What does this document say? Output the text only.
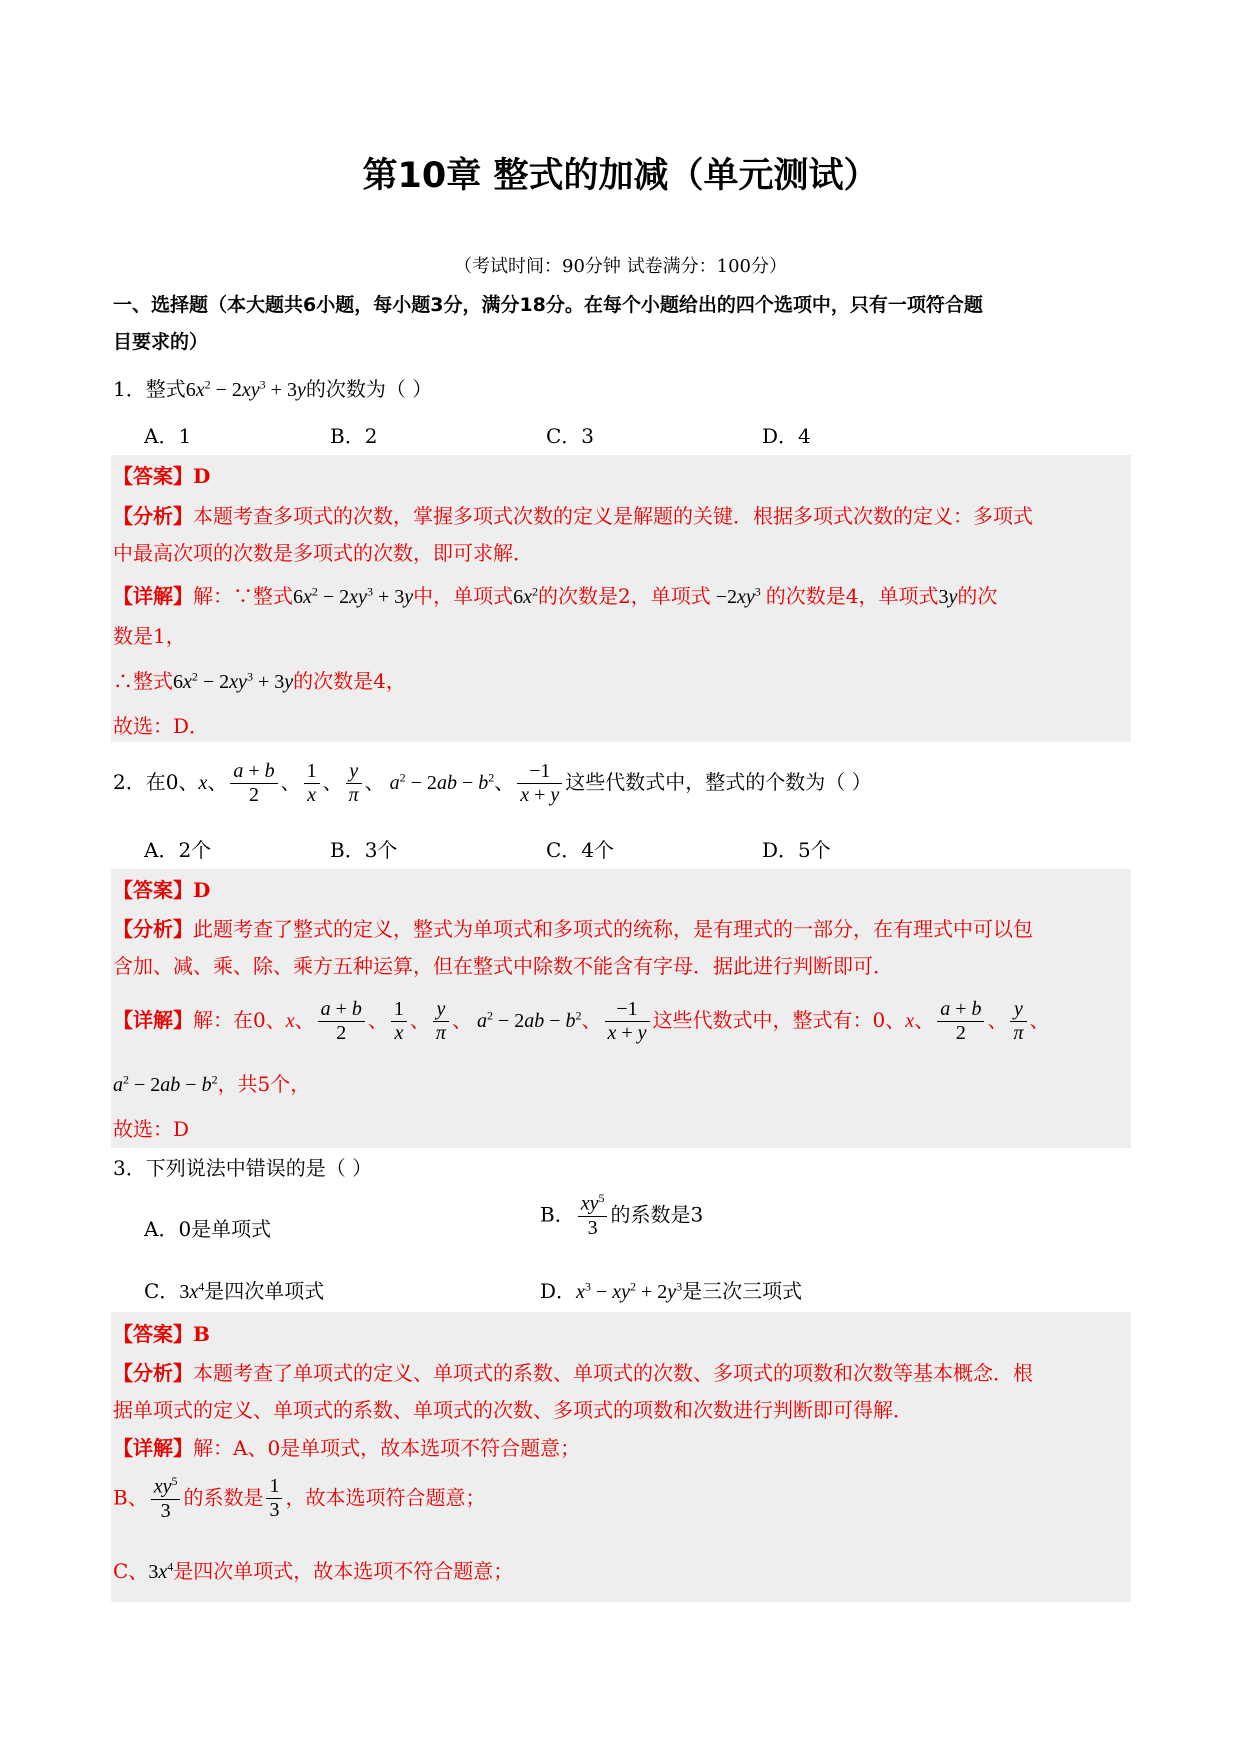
第10章 整式的加减（单元测试）
（考试时间：90分钟 试卷满分：100分）
一、选择题（本大题共6小题，每小题3分，满分18分。在每个小题给出的四个选项中，只有一项符合题
目要求的）
1．整式$6x^2 - 2xy^3 + 3y$的次数为（ ）
A．1	B．2	C．3	D．4
【答案】D
【分析】本题考查多项式的次数，掌握多项式次数的定义是解题的关键．根据多项式次数的定义：多项式
中最高次项的次数是多项式的次数，即可求解．
【详解】解：∵整式$6x^2 - 2xy^3 + 3y$中，单项式$6x^2$的次数是2，单项式 $-2xy^3$ 的次数是4，单项式3y的次
数是1，
∴整式$6x^2 - 2xy^3 + 3y$的次数是4，
故选：D．
2．在0、x、 $\frac{a + b}{2}$ 、 $\frac{1}{x}$ 、 $\frac{y}{\pi}$ 、 $a^2 - 2ab - b^2$、 $\frac{-1}{x + y}$ 这些代数式中，整式的个数为（ ）
A．2个	B．3个	C．4个	D．5个
【答案】D
【分析】此题考查了整式的定义，整式为单项式和多项式的统称，是有理式的一部分，在有理式中可以包
含加、减、乘、除、乘方五种运算，但在整式中除数不能含有字母．据此进行判断即可．
【详解】解：在0、x、 $\frac{a + b}{2}$ 、 $\frac{1}{x}$ 、 $\frac{y}{\pi}$ 、 $a^2 - 2ab - b^2$、 $\frac{-1}{x + y}$ 这些代数式中，整式有：0、x、 $\frac{a + b}{2}$ 、 $\frac{y}{\pi}$ 、
$a^2 - 2ab - b^2$，共5个，
故选：D
3．下列说法中错误的是（ ）
A．0是单项式
B． $\frac{xy^5}{3}$ 的系数是3
C．$3x^4$是四次单项式	D．$x^3 - xy^2 + 2y^3$是三次三项式
【答案】B
【分析】本题考查了单项式的定义、单项式的系数、单项式的次数、多项式的项数和次数等基本概念．根
据单项式的定义、单项式的系数、单项式的次数、多项式的项数和次数进行判断即可得解．
【详解】解：A、0是单项式，故本选项不符合题意；
B、 $\frac{xy^5}{3}$ 的系数是 $\frac{1}{3}$ ，故本选项符合题意；
C、$3x^4$是四次单项式，故本选项不符合题意；
